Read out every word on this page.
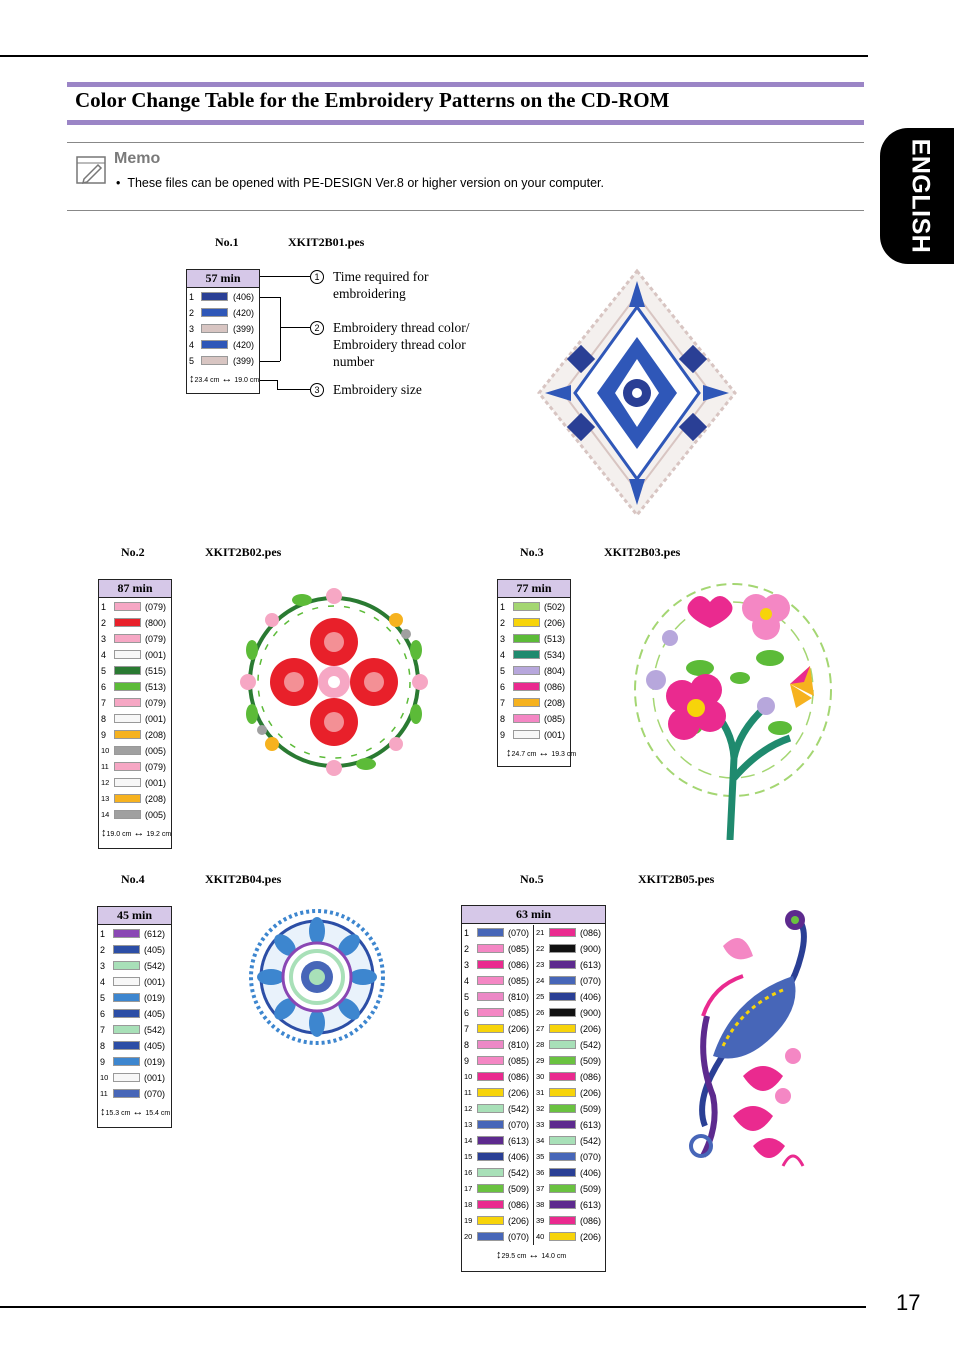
Color Change Table for the Embroidery Patterns on the CD-ROM
Memo
• These files can be opened with PE-DESIGN Ver.8 or higher version on your computer.	ENGLISH
17
No.1	XKIT2B01.pes
No.2	XKIT2B02.pes	No.3	XKIT2B03.pes
No.4	XKIT2B04.pes	No.5	XKIT2B05.pes
57 min
1	(406)
2	(420)
3	(399)
4	(420)
5	(399)
↕23.4 cm ↔ 19.0 cm
87 min
1	(079)
2	(800)
3	(079)
4	(001)
5	(515)
6	(513)
7	(079)
8	(001)
9	(208)
10	(005)
11	(079)
12	(001)
13	(208)
14	(005)
↕19.0 cm ↔ 19.2 cm
77 min
1	(502)
2	(206)
3	(513)
4	(534)
5	(804)
6	(086)
7	(208)
8	(085)
9	(001)
↕24.7 cm ↔ 19.3 cm
45 min
1	(612)
2	(405)
3	(542)
4	(001)
5	(019)
6	(405)
7	(542)
8	(405)
9	(019)
10	(001)
11	(070)
↕15.3 cm ↔ 15.4 cm
63 min
1	(070)
2	(085)
3	(086)
4	(085)
5	(810)
6	(085)
7	(206)
8	(810)
9	(085)
10	(086)
11	(206)
12	(542)
13	(070)
14	(613)
15	(406)
16	(542)
17	(509)
18	(086)
19	(206)
20	(070)
21	(086)
22	(900)
23	(613)
24	(070)
25	(406)
26	(900)
27	(206)
28	(542)
29	(509)
30	(086)
31	(206)
32	(509)
33	(613)
34	(542)
35	(070)
36	(406)
37	(509)
38	(613)
39	(086)
40	(206)
↕29.5 cm ↔ 14.0 cm
1	Time required for
embroidering
2	Embroidery thread color/
Embroidery thread color
number
3	Embroidery size
